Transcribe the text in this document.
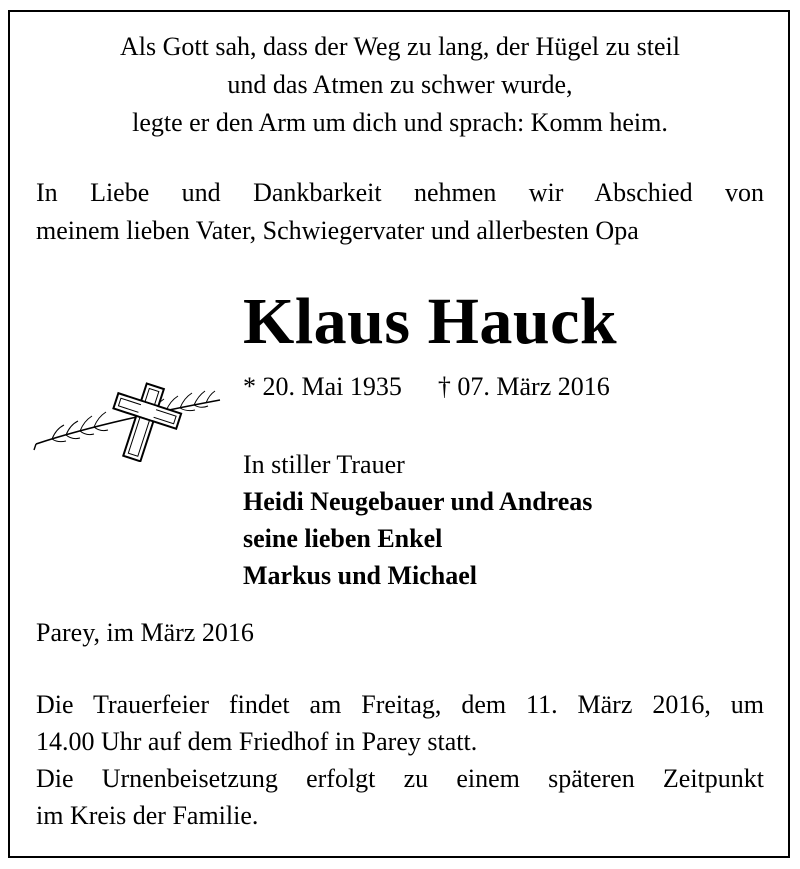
Als Gott sah, dass der Weg zu lang, der Hügel zu steil
und das Atmen zu schwer wurde,
legte er den Arm um dich und sprach: Komm heim.
In Liebe und Dankbarkeit nehmen wir Abschied von
meinem lieben Vater, Schwiegervater und allerbesten Opa
Klaus Hauck
* 20. Mai 1935 † 07. März 2016
In stiller Trauer
Heidi Neugebauer und Andreas
seine lieben Enkel
Markus und Michael
Parey, im März 2016

Die Trauerfeier findet am Freitag, dem 11. März 2016, um

14.00 Uhr auf dem Friedhof in Parey statt.

Die Urnenbeisetzung erfolgt zu einem späteren Zeitpunkt

im Kreis der Familie.
